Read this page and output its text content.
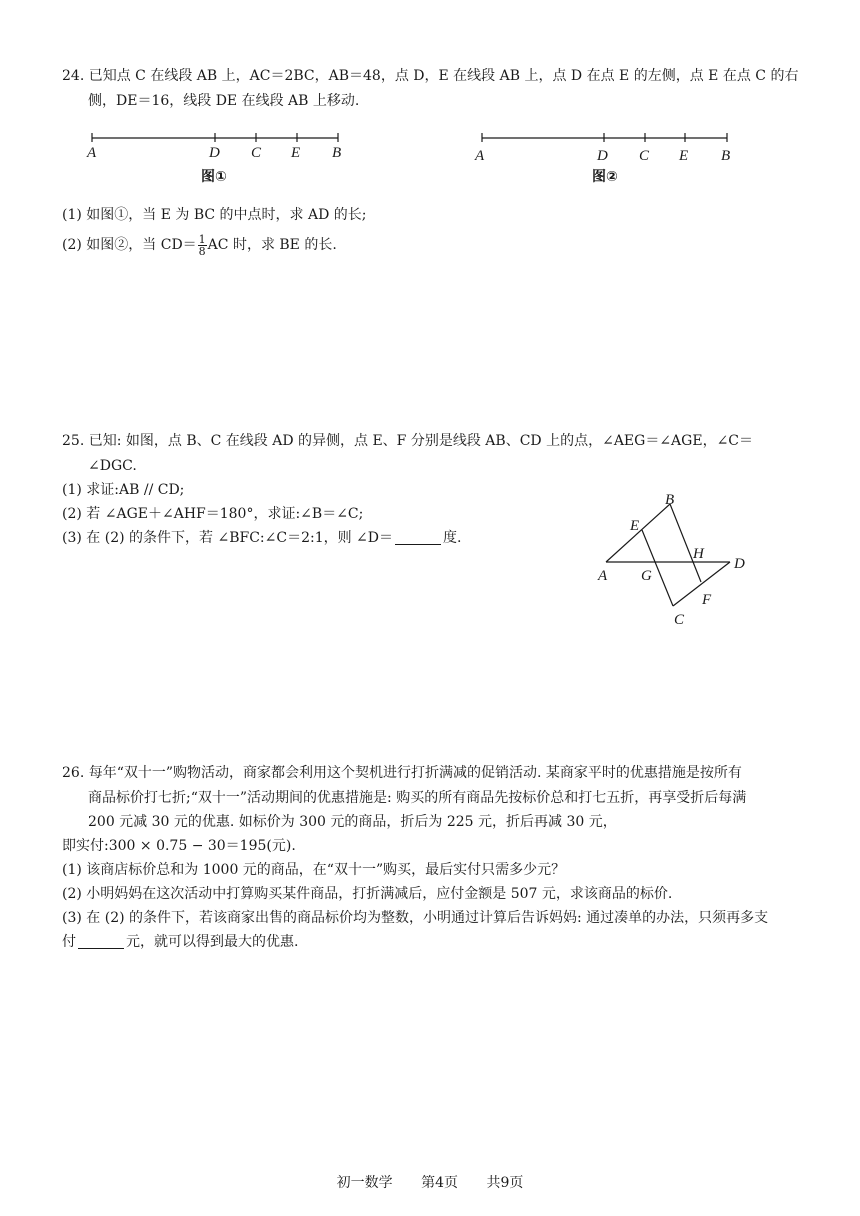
24. 已知点 C 在线段 AB 上，AC＝2BC，AB＝48，点 D，E 在线段 AB 上，点 D 在点 E 的左侧，点 E 在点 C 的右
侧，DE＝16，线段 DE 在线段 AB 上移动.
A	D C E B
图①
A	D C E B
图②
(1) 如图①，当 E 为 BC 的中点时，求 AD 的长;
(2) 如图②，当 $CD= \frac{1}{8}$ AC 时，求 BE 的长.
25. 已知: 如图，点 B、C 在线段 AD 的异侧，点 E、F 分别是线段 AB、CD 上的点，∠AEG＝∠AGE，∠C＝
∠DGC.
(1) 求证:AB // CD;
(2) 若 ∠AGE＋∠AHF＝180°，求证:∠B＝∠C;
(3) 在 (2) 的条件下，若 ∠BFC:∠C＝2:1，则 ∠D＝	度.
B
E
H
D
A G
F
C
26. 每年“双十一”购物活动，商家都会利用这个契机进行打折满减的促销活动. 某商家平时的优惠措施是按所有
商品标价打七折;“双十一”活动期间的优惠措施是: 购买的所有商品先按标价总和打七五折，再享受折后每满
200 元减 30 元的优惠. 如标价为 300 元的商品，折后为 225 元，折后再减 30 元，
即实付:300 × 0.75 − 30＝195(元).
(1) 该商店标价总和为 1000 元的商品，在“双十一”购买，最后实付只需多少元？
(2) 小明妈妈在这次活动中打算购买某件商品，打折满减后，应付金额是 507 元，求该商品的标价.
(3) 在 (2) 的条件下，若该商家出售的商品标价均为整数，小明通过计算后告诉妈妈: 通过凑单的办法，只须再多支
付	元，就可以得到最大的优惠.
初一数学 第4页 共9页
